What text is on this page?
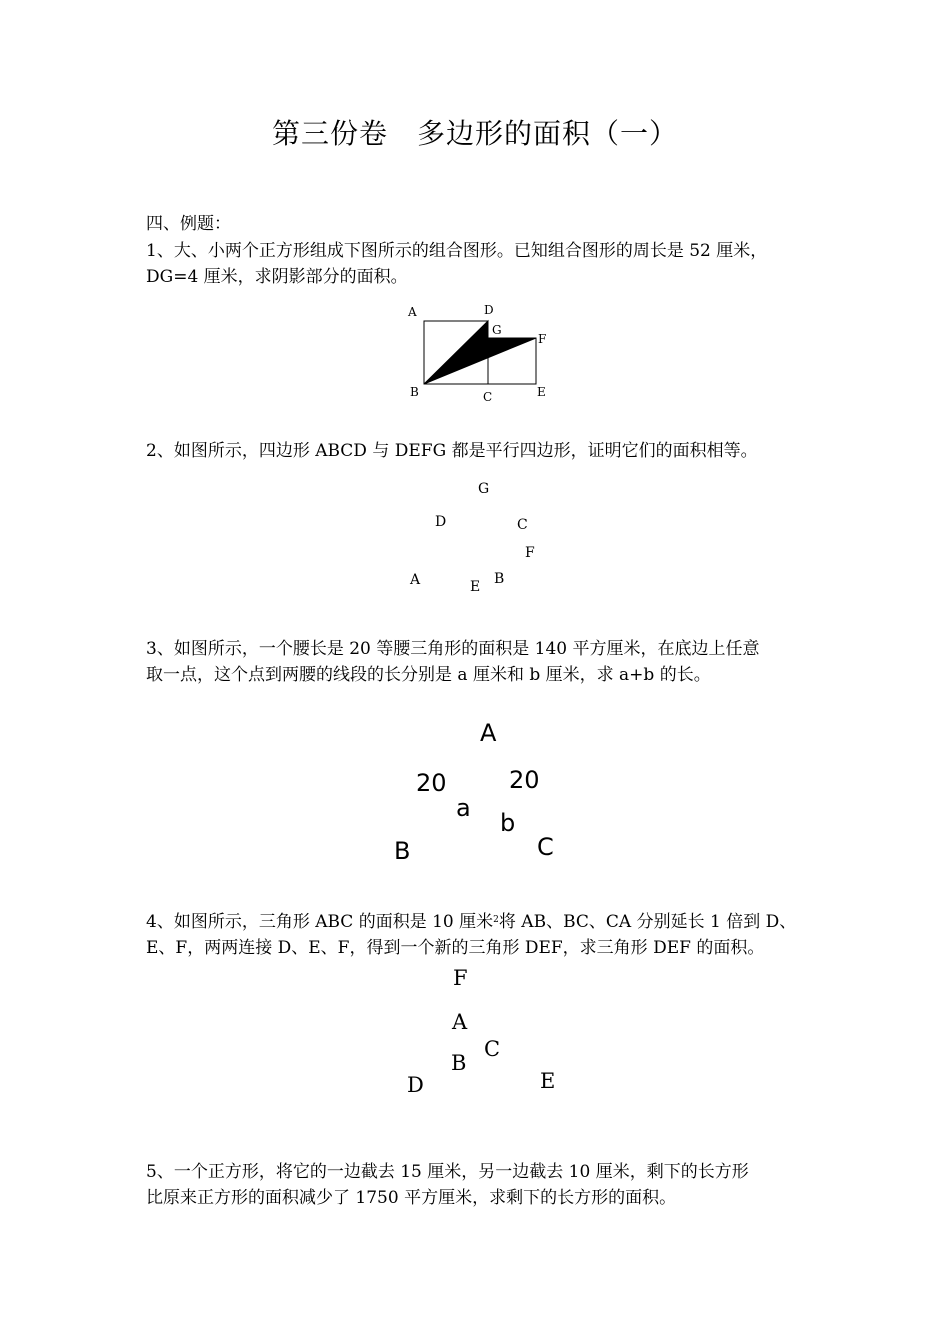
第三份卷　多边形的面积（一）
四、例题：
1、大、小两个正方形组成下图所示的组合图形。已知组合图形的周长是 52 厘米，
DG=4 厘米，求阴影部分的面积。
A	D
G
F
B	C	E
2、如图所示，四边形 ABCD 与 DEFG 都是平行四边形，证明它们的面积相等。
G
D	C
F
A	E B
3、如图所示，一个腰长是 20 等腰三角形的面积是 140 平方厘米，在底边上任意
取一点，这个点到两腰的线段的长分别是 a 厘米和 b 厘米，求 a+b 的长。
A
20	20
a
b
B	C
4、如图所示，三角形 ABC 的面积是 10 厘米$^2$将 AB、BC、CA 分别延长 1 倍到 D、
E、F，两两连接 D、E、F，得到一个新的三角形 DEF，求三角形 DEF 的面积。
F
A
C
B
D	E
5、一个正方形，将它的一边截去 15 厘米，另一边截去 10 厘米，剩下的长方形
比原来正方形的面积减少了 1750 平方厘米，求剩下的长方形的面积。
